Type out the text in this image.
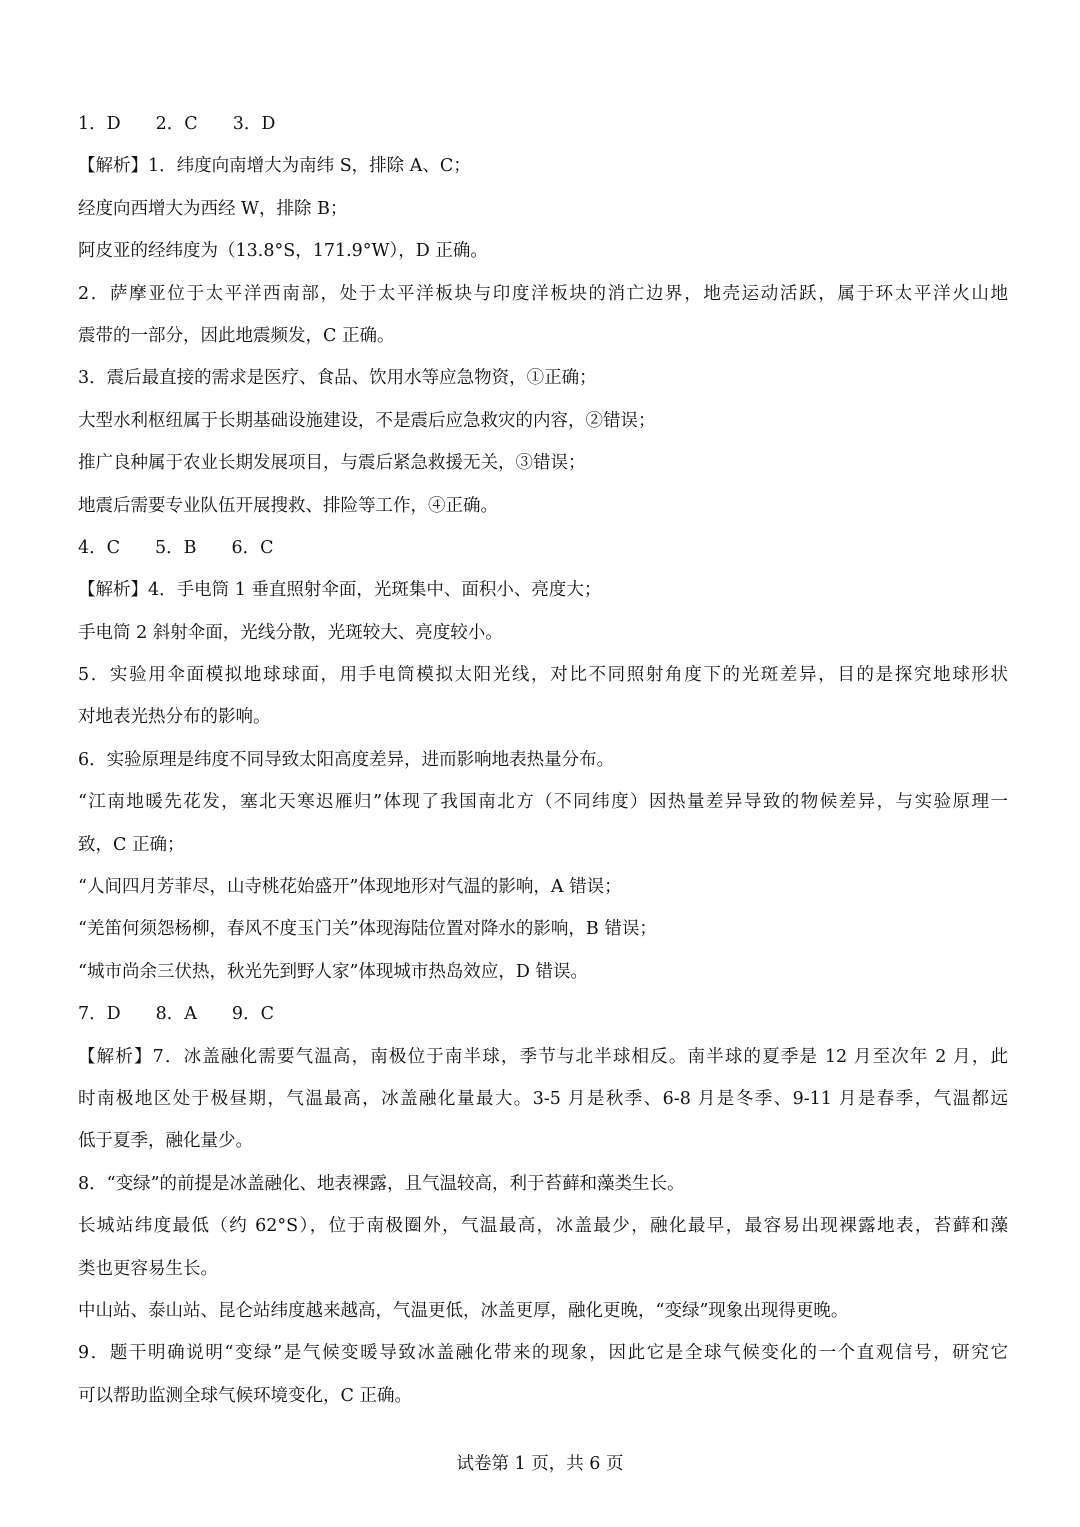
1．D　　2．C　　3．D
【解析】1．纬度向南增大为南纬 S，排除 A、C；
经度向西增大为西经 W，排除 B；
阿皮亚的经纬度为（13.8°S，171.9°W），D 正确。
2．萨摩亚位于太平洋西南部，处于太平洋板块与印度洋板块的消亡边界，地壳运动活跃，属于环太平洋火山地
震带的一部分，因此地震频发，C 正确。
3．震后最直接的需求是医疗、食品、饮用水等应急物资，①正确；
大型水利枢纽属于长期基础设施建设，不是震后应急救灾的内容，②错误；
推广良种属于农业长期发展项目，与震后紧急救援无关，③错误；
地震后需要专业队伍开展搜救、排险等工作，④正确。
4．C　　5．B　　6．C
【解析】4．手电筒 1 垂直照射伞面，光斑集中、面积小、亮度大；
手电筒 2 斜射伞面，光线分散，光斑较大、亮度较小。
5．实验用伞面模拟地球球面，用手电筒模拟太阳光线，对比不同照射角度下的光斑差异，目的是探究地球形状
对地表光热分布的影响。
6．实验原理是纬度不同导致太阳高度差异，进而影响地表热量分布。
“江南地暖先花发，塞北天寒迟雁归”体现了我国南北方（不同纬度）因热量差异导致的物候差异，与实验原理一
致，C 正确；
“人间四月芳菲尽，山寺桃花始盛开”体现地形对气温的影响，A 错误；
“羌笛何须怨杨柳，春风不度玉门关”体现海陆位置对降水的影响，B 错误；
“城市尚余三伏热，秋光先到野人家”体现城市热岛效应，D 错误。
7．D　　8．A　　9．C
【解析】7．冰盖融化需要气温高，南极位于南半球，季节与北半球相反。南半球的夏季是 12 月至次年 2 月，此
时南极地区处于极昼期，气温最高，冰盖融化量最大。3-5 月是秋季、6-8 月是冬季、9-11 月是春季，气温都远
低于夏季，融化量少。
8．“变绿”的前提是冰盖融化、地表裸露，且气温较高，利于苔藓和藻类生长。
长城站纬度最低（约 62°S），位于南极圈外，气温最高，冰盖最少，融化最早，最容易出现裸露地表，苔藓和藻
类也更容易生长。
中山站、泰山站、昆仑站纬度越来越高，气温更低，冰盖更厚，融化更晚，“变绿”现象出现得更晚。
9．题干明确说明“变绿”是气候变暖导致冰盖融化带来的现象，因此它是全球气候变化的一个直观信号，研究它
可以帮助监测全球气候环境变化，C 正确。
试卷第 1 页，共 6 页
